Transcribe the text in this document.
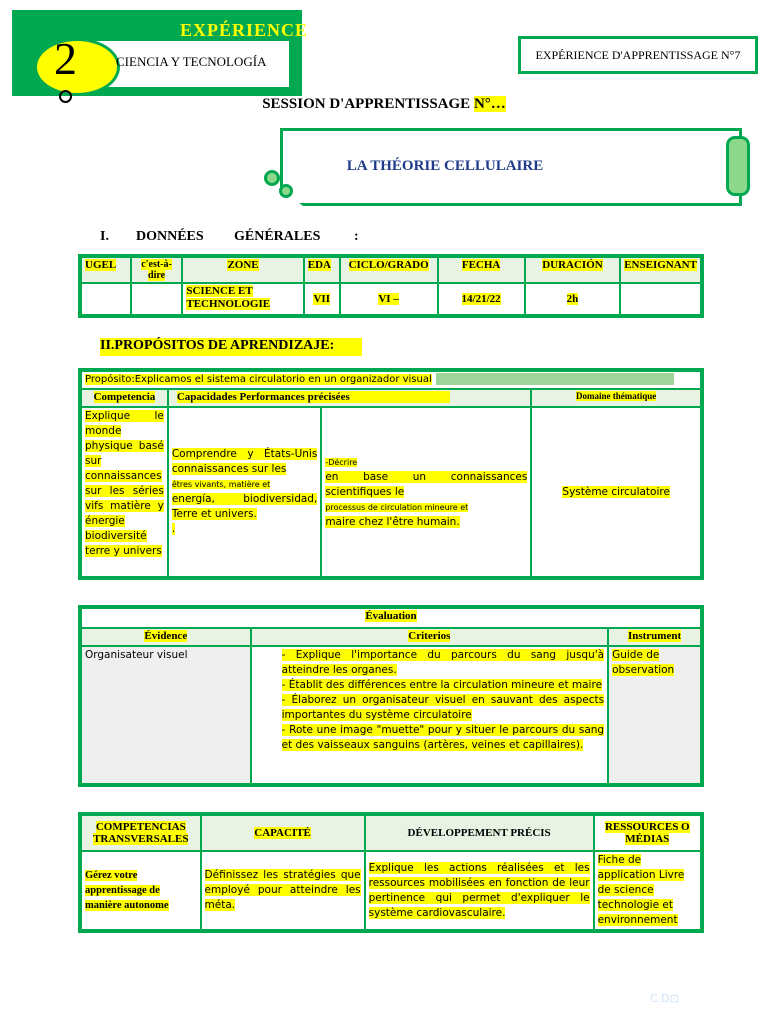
EXPÉRIENCE
2	CIENCIA Y TECNOLOGÍA	EXPÉRIENCE D'APPRENTISSAGE N°7
SESSION D'APPRENTISSAGE N°…
LA THÉORIE CELLULAIRE
I. DONNÉES GÉNÉRALES :
UGEL	c'est-à-dire	ZONE	EDA	CICLO/GRADO	FECHA	DURACIÓN	ENSEIGNANT
		SCIENCE ET TECHNOLOGIE	VII	VI –	14/21/22	2h	
II.PROPÓSITOS DE APRENDIZAJE:
Propósito:Explicamos el sistema circulatorio en un organizador visual			
Competencia	Capacidades Performances précisées		Domaine thématique
Explique le monde physique basé sur connaissances sur les séries vifs matière y énergie biodiversité terre y univers	Comprendre y États-Unis connaissances sur les
êtres vivants, matière et
energía, biodiversidad, Terre et univers.
.	-Décrire
en base un connaissances scientifiques le
processus de circulation mineure et
maire chez l'être humain.	Système circulatoire
Évaluation		
Évidence	Criterios	Instrument
Organisateur visuel	- Explique l'importance du parcours du sang jusqu'à atteindre les organes.
- Établit des différences entre la circulation mineure et maire
- Élaborez un organisateur visuel en sauvant des aspects importantes du système circulatoire
- Rote une image "muette" pour y situer le parcours du sang et des vaisseaux sanguins (artères, veines et capillaires).	Guide de observation
COMPETENCIAS TRANSVERSALES	CAPACITÉ	DÉVELOPPEMENT PRÉCIS	RESSOURCES O MÉDIAS
Gérez votre apprentissage de manière autonome	Définissez les stratégies que employé pour atteindre les méta.	Explique les actions réalisées et les ressources mobilisées en fonction de leur pertinence qui permet d'expliquer le système cardiovasculaire.	Fiche de application Livre de science technologie et environnement
C.D⊡
